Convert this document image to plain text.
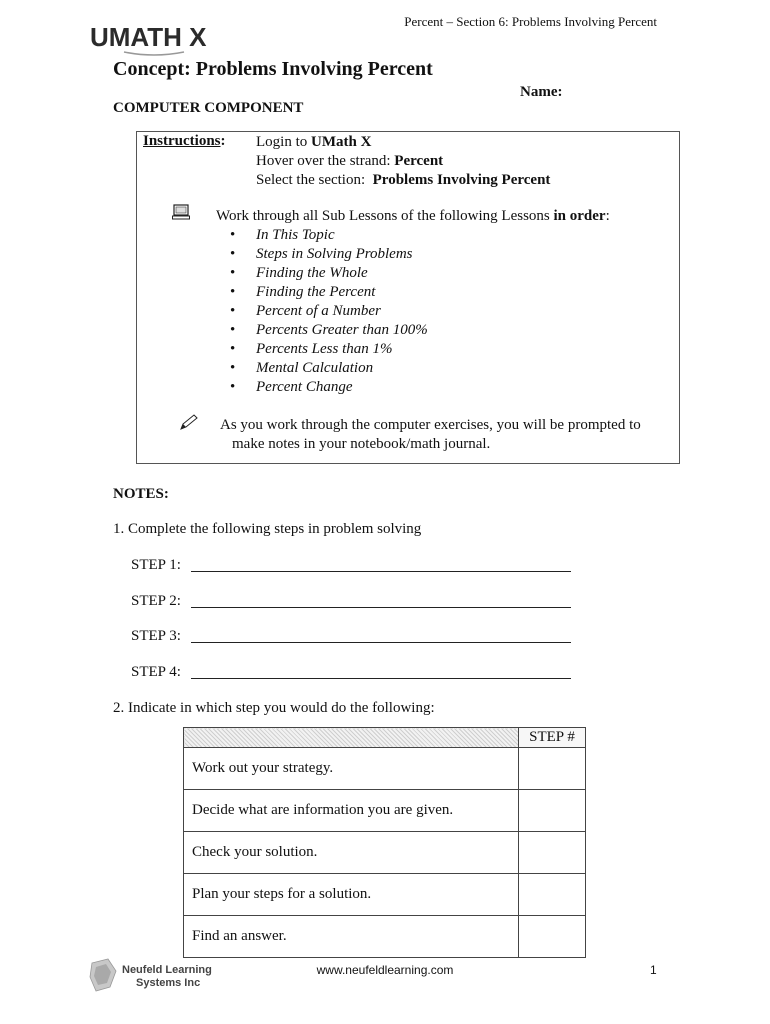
UMATH X
Percent – Section 6: Problems Involving Percent
Concept: Problems Involving Percent
Name:
COMPUTER COMPONENT
Instructions: Login to UMath X
Hover over the strand: Percent
Select the section:  Problems Involving Percent
Work through all Sub Lessons of the following Lessons in order:
• In This Topic
• Steps in Solving Problems
• Finding the Whole
• Finding the Percent
• Percent of a Number
• Percents Greater than 100%
• Percents Less than 1%
• Mental Calculation
• Percent Change
As you work through the computer exercises, you will be prompted to
make notes in your notebook/math journal.
NOTES:
1. Complete the following steps in problem solving
STEP 1:
STEP 2:
STEP 3:
STEP 4:
2. Indicate in which step you would do the following:
	STEP #
Work out your strategy.	
Decide what are information you are given.	
Check your solution.	
Plan your steps for a solution.	
Find an answer.	
Neufeld Learning
Systems Inc
www.neufeldlearning.com	1
